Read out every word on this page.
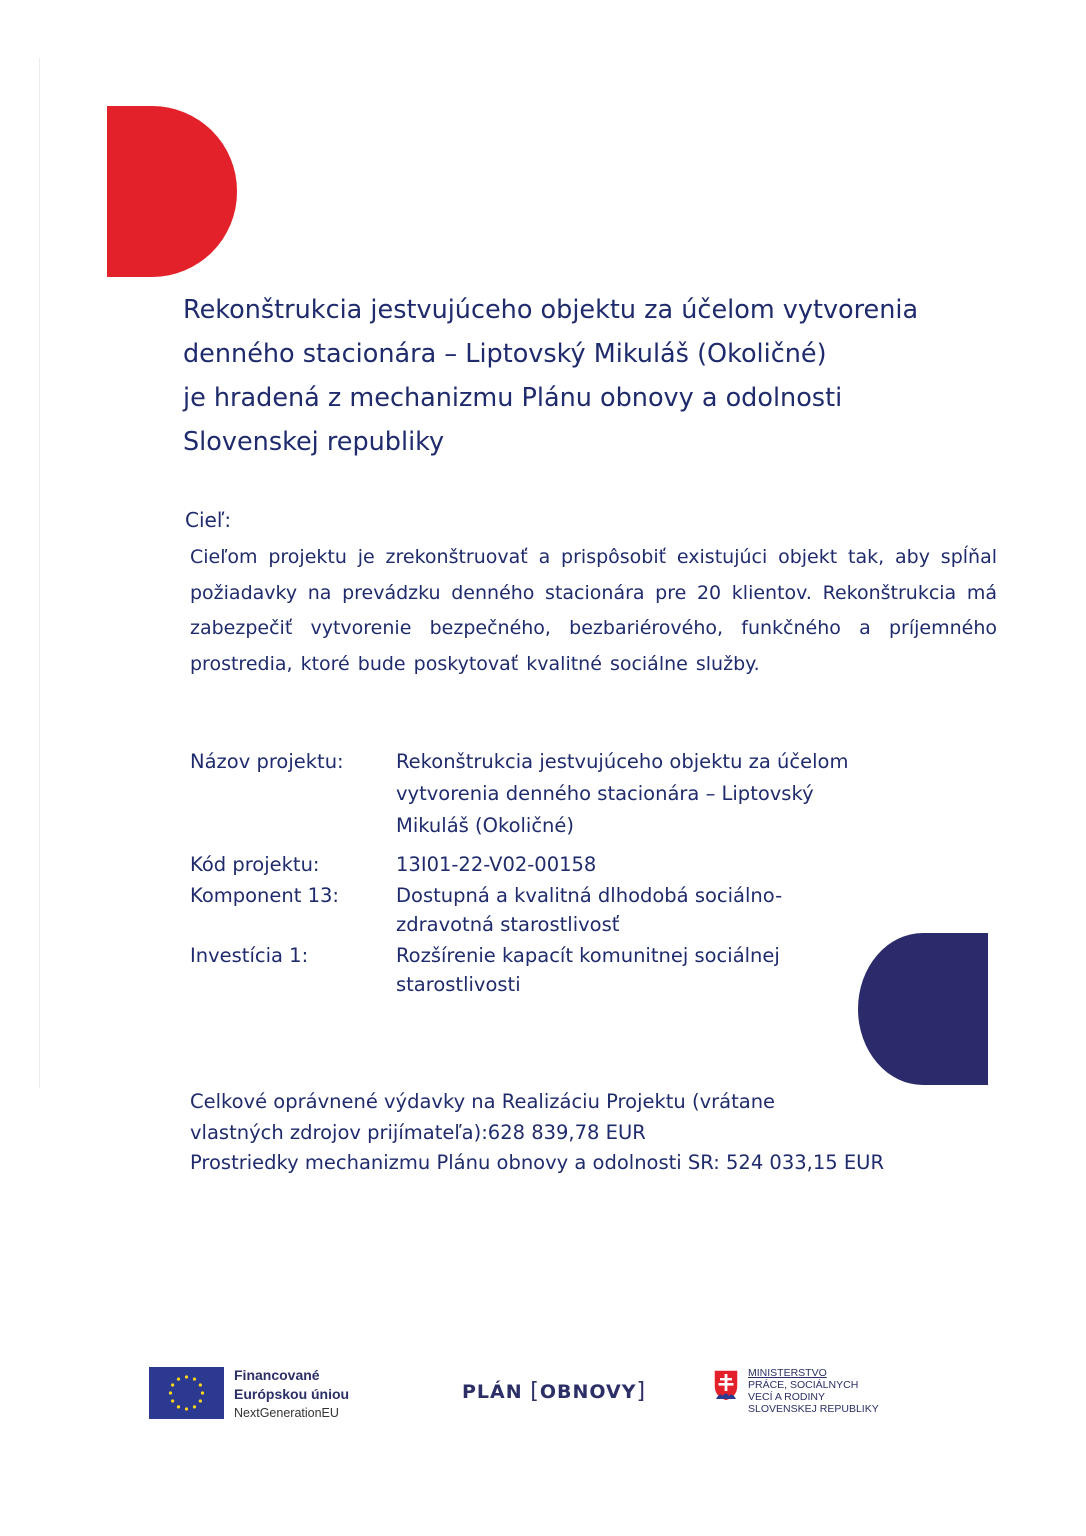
Rekonštrukcia jestvujúceho objektu za účelom vytvorenia
denného stacionára – Liptovský Mikuláš (Okoličné)
je hradená z mechanizmu Plánu obnovy a odolnosti
Slovenskej republiky
Cieľ:
Cieľom projektu je zrekonštruovať a prispôsobiť existujúci objekt tak, aby spĺňal požiadavky na prevádzku denného stacionára pre 20 klientov. Rekonštrukcia má zabezpečiť vytvorenie bezpečného, bezbariérového, funkčného a príjemného prostredia, ktoré bude poskytovať kvalitné sociálne služby.
Názov projektu:	Rekonštrukcia jestvujúceho objektu za účelom vytvorenia denného stacionára – Liptovský Mikuláš (Okoličné)
Kód projektu:	13I01-22-V02-00158
Komponent 13:	Dostupná a kvalitná dlhodobá sociálno-zdravotná starostlivosť
Investícia 1:	Rozšírenie kapacít komunitnej sociálnej starostlivosti
Celkové oprávnené výdavky na Realizáciu Projektu (vrátane
vlastných zdrojov prijímateľa):628 839,78 EUR
Prostriedky mechanizmu Plánu obnovy a odolnosti SR: 524 033,15 EUR
Financované
Európskou úniou
NextGenerationEU
PLÁN [OBNOVY]
MINISTERSTVO
PRÁCE, SOCIÁLNYCH
VECÍ A RODINY
SLOVENSKEJ REPUBLIKY
